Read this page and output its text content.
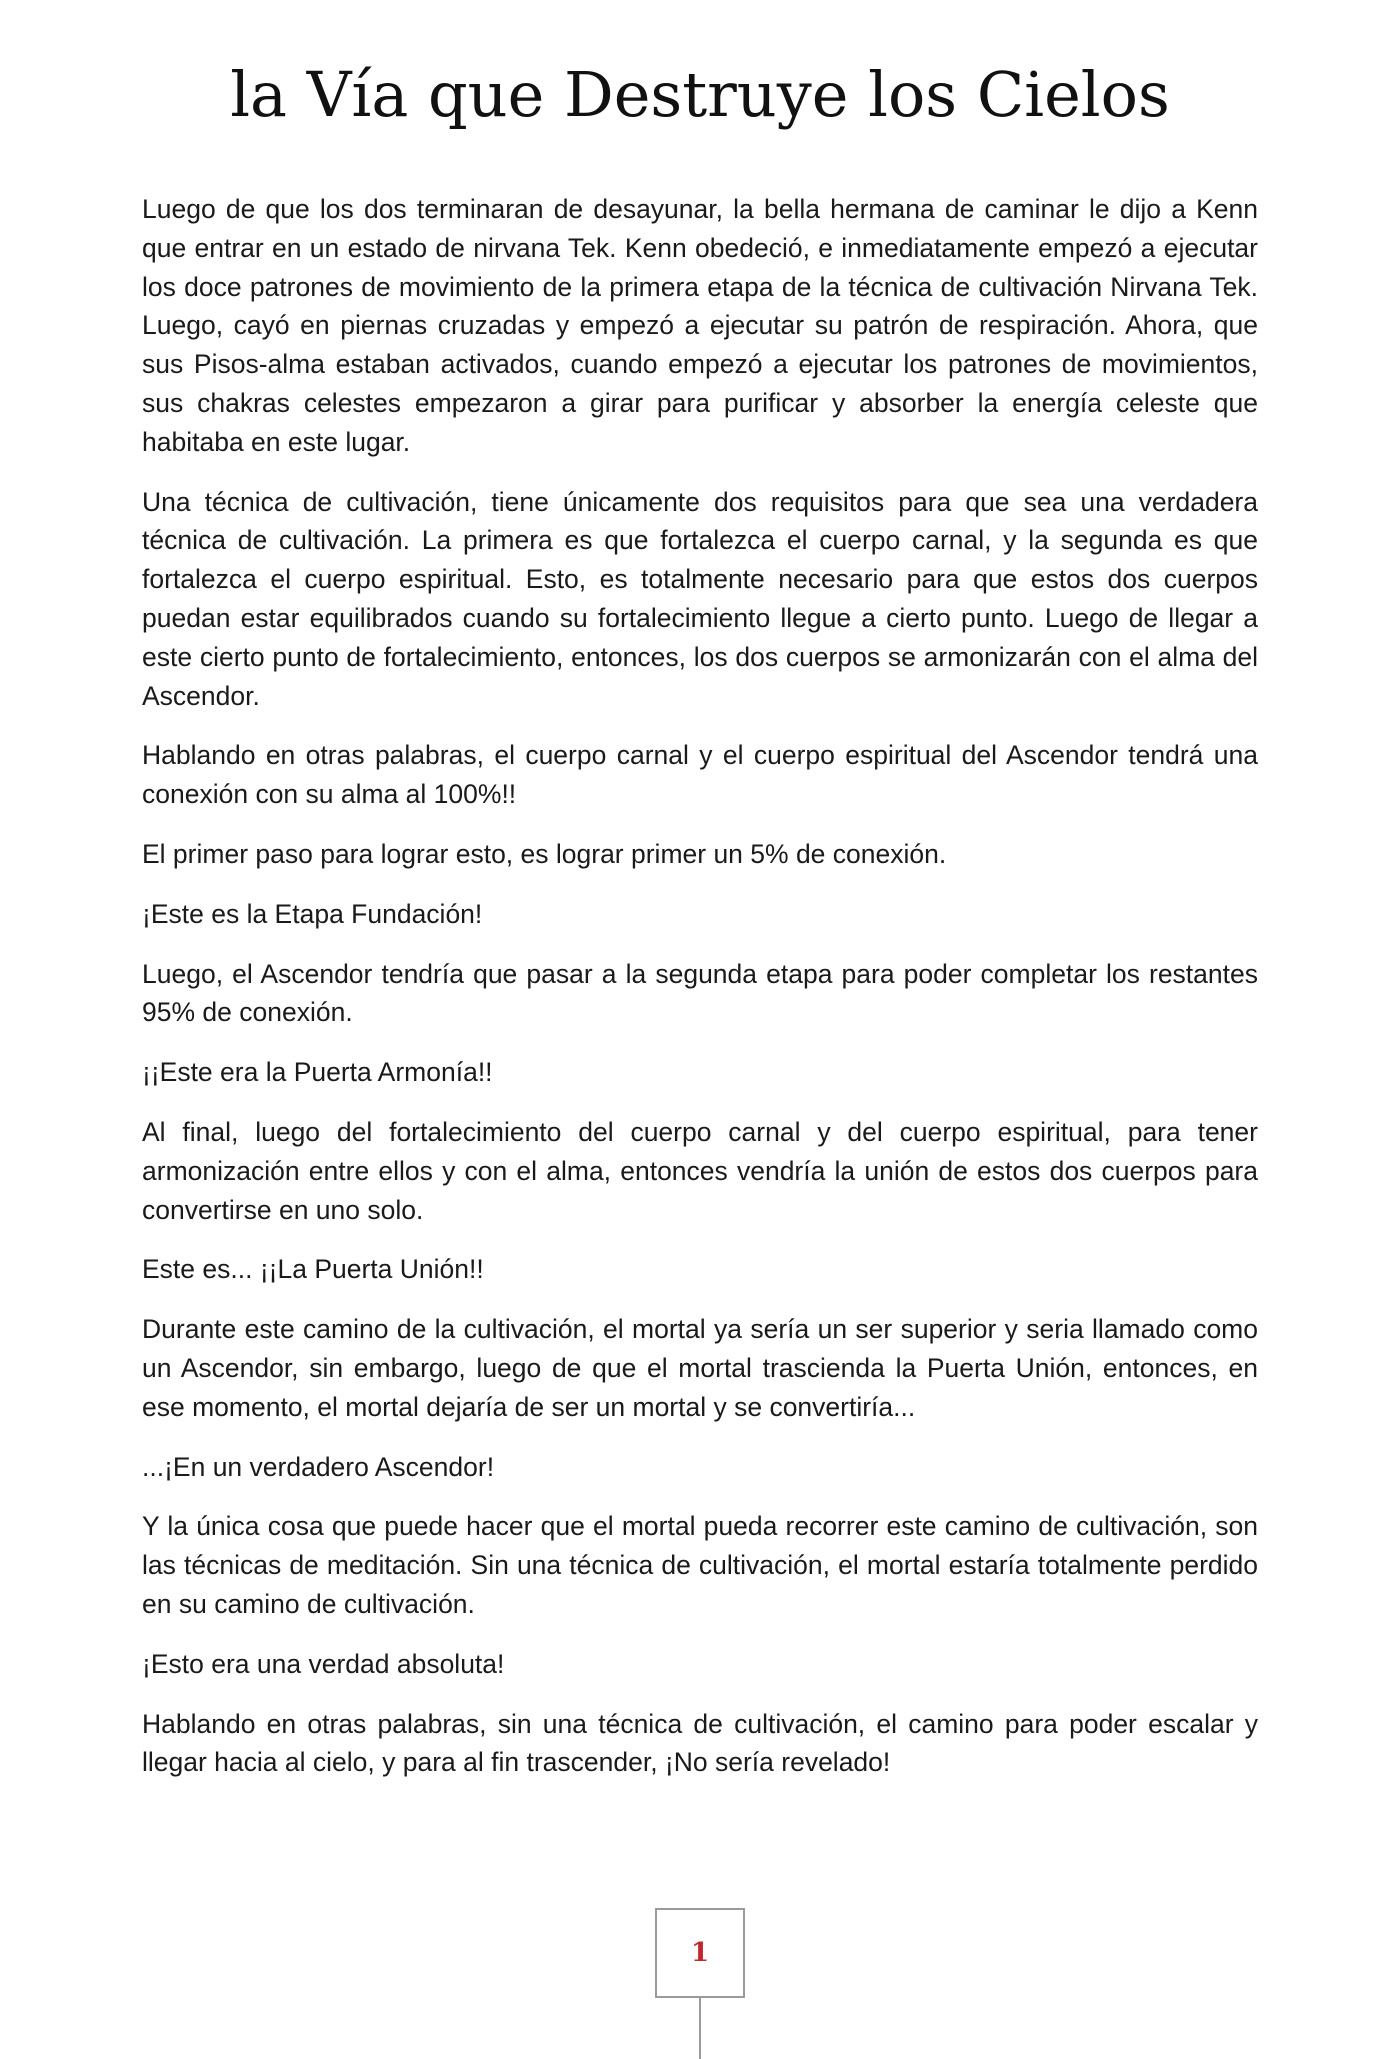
la Vía que Destruye los Cielos

Luego de que los dos terminaran de desayunar, la bella hermana de caminar le dijo a Kenn que entrar en un estado de nirvana Tek. Kenn obedeció, e inmediatamente empezó a ejecutar los doce patrones de movimiento de la primera etapa de la técnica de cultivación Nirvana Tek. Luego, cayó en piernas cruzadas y empezó a ejecutar su patrón de respiración. Ahora, que sus Pisos-alma estaban activados, cuando empezó a ejecutar los patrones de movimientos, sus chakras celestes empezaron a girar para purificar y absorber la energía celeste que habitaba en este lugar.

Una técnica de cultivación, tiene únicamente dos requisitos para que sea una verdadera técnica de cultivación. La primera es que fortalezca el cuerpo carnal, y la segunda es que fortalezca el cuerpo espiritual. Esto, es totalmente necesario para que estos dos cuerpos puedan estar equilibrados cuando su fortalecimiento llegue a cierto punto. Luego de llegar a este cierto punto de fortalecimiento, entonces, los dos cuerpos se armonizarán con el alma del Ascendor.

Hablando en otras palabras, el cuerpo carnal y el cuerpo espiritual del Ascendor tendrá una conexión con su alma al 100%!!

El primer paso para lograr esto, es lograr primer un 5% de conexión.

¡Este es la Etapa Fundación!

Luego, el Ascendor tendría que pasar a la segunda etapa para poder completar los restantes 95% de conexión.

¡¡Este era la Puerta Armonía!!

Al final, luego del fortalecimiento del cuerpo carnal y del cuerpo espiritual, para tener armonización entre ellos y con el alma, entonces vendría la unión de estos dos cuerpos para convertirse en uno solo.

Este es... ¡¡La Puerta Unión!!

Durante este camino de la cultivación, el mortal ya sería un ser superior y seria llamado como un Ascendor, sin embargo, luego de que el mortal trascienda la Puerta Unión, entonces, en ese momento, el mortal dejaría de ser un mortal y se convertiría...

...¡En un verdadero Ascendor!

Y la única cosa que puede hacer que el mortal pueda recorrer este camino de cultivación, son las técnicas de meditación. Sin una técnica de cultivación, el mortal estaría totalmente perdido en su camino de cultivación.

¡Esto era una verdad absoluta!

Hablando en otras palabras, sin una técnica de cultivación, el camino para poder escalar y llegar hacia al cielo, y para al fin trascender, ¡No sería revelado!

1
